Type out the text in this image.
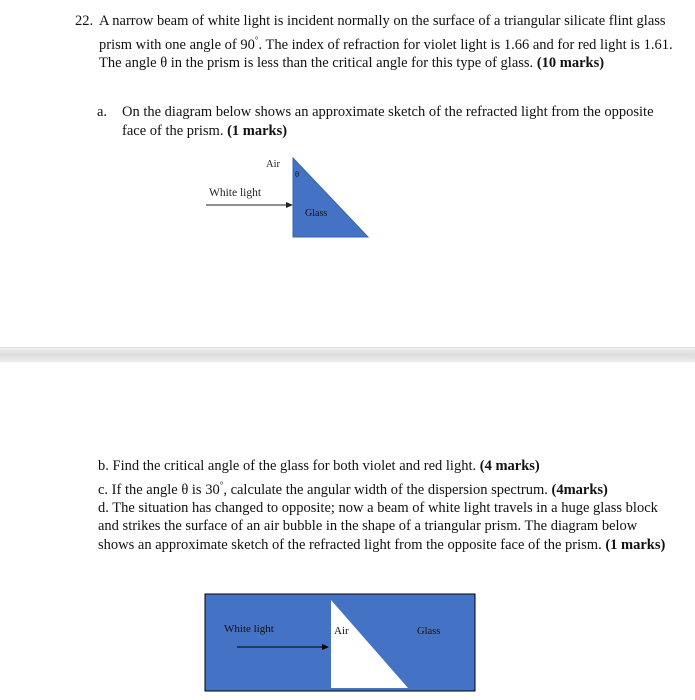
22. A narrow beam of white light is incident normally on the surface of a triangular silicate flint glass prism with one angle of 90°. The index of refraction for violet light is 1.66 and for red light is 1.61. The angle θ in the prism is less than the critical angle for this type of glass. (10 marks)

a.	On the diagram below shows an approximate sketch of the refracted light from the opposite face of the prism. (1 marks)

Air
θ
White light
Glass

b. Find the critical angle of the glass for both violet and red light. (4 marks)

c. If the angle θ is 30°, calculate the angular width of the dispersion spectrum. (4marks)

d. The situation has changed to opposite; now a beam of white light travels in a huge glass block and strikes the surface of an air bubble in the shape of a triangular prism. The diagram below shows an approximate sketch of the refracted light from the opposite face of the prism. (1 marks)

White light	Air	Glass
